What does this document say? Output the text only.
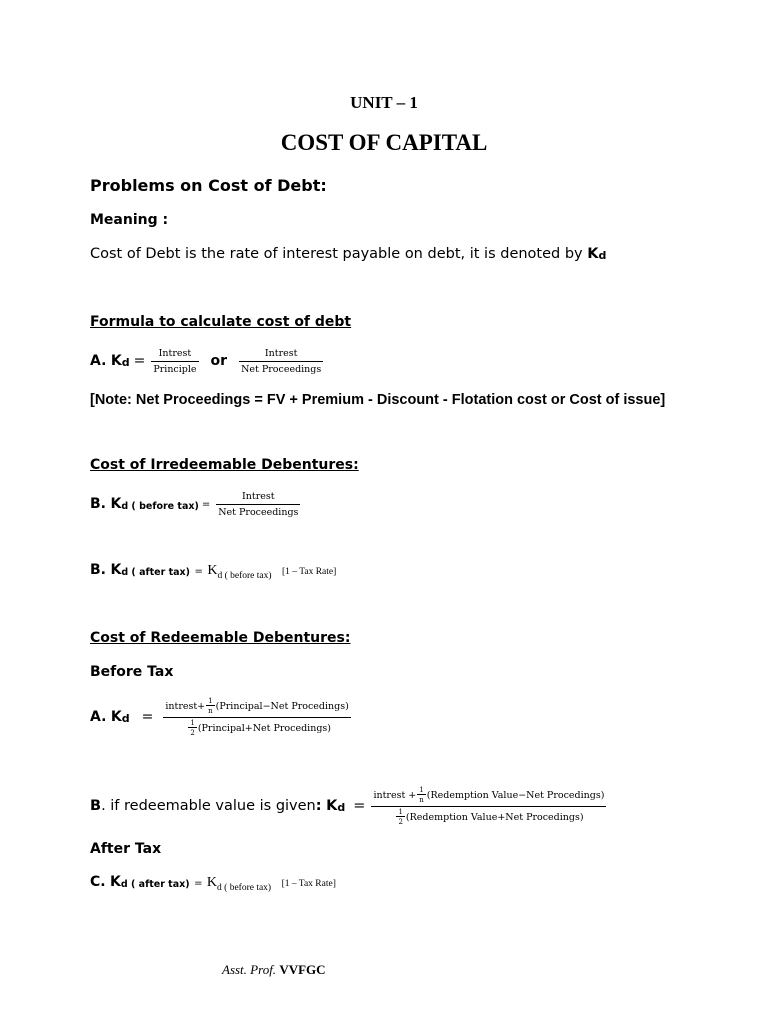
UNIT – 1
COST OF CAPITAL
Problems on Cost of Debt:
Meaning :
Cost of Debt is the rate of interest payable on debt, it is denoted by $K_d$
Formula to calculate cost of debt
A.
$K_d = \frac{\text{Intrest}}{\text{Principle}}$ or $\frac{\text{Intrest}}{\text{Net Proceedings}}$
[Note: Net Proceedings = FV + Premium - Discount - Flotation cost or Cost of issue]
Cost of Irredeemable Debentures:
B.
$K_{d ( before tax)} = \frac{\text{Intrest}}{\text{Net Proceedings}}$
B. $K_{d ( after tax)} = K_{d ( before tax)}$ [1 – Tax Rate]
Cost of Redeemable Debentures:
Before Tax
A.
$K_d = \frac{intrest+ \frac{1}{n} (Principal-Net Procedings)}{\frac{1}{2} (Principal+Net Procedings)}$
B . if redeemable value is given :
$K_d = \frac{intrest + \frac{1}{n} (Redemption Value-Net Procedings)}{\frac{1}{2} (Redemption Value+Net Procedings)}$
After Tax
C. $K_{d ( after tax)} = K_{d ( before tax)}$ [1 – Tax Rate]
Asst. Prof. VVFGC
